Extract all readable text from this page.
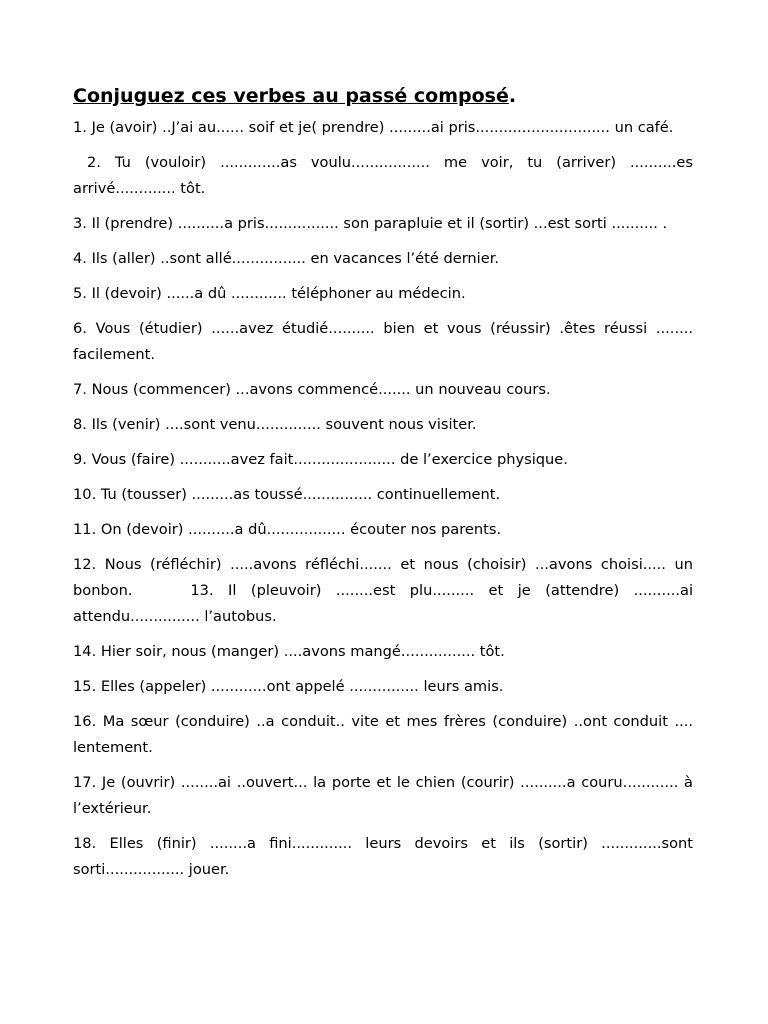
Conjuguez ces verbes au passé composé.

1. Je (avoir) ..J’ai au...... soif et je( prendre) .........ai pris............................. un café.

2. Tu (vouloir) .............as voulu................. me voir, tu (arriver) ..........es arrivé............. tôt.

3. Il (prendre) ..........a pris................ son parapluie et il (sortir) ...est sorti .......... .

4. Ils (aller) ..sont allé................ en vacances l’été dernier.

5. Il (devoir) ......a dû ............ téléphoner au médecin.

6. Vous (étudier) ......avez étudié.......... bien et vous (réussir) .êtes réussi ........ facilement.

7. Nous (commencer) ...avons commencé....... un nouveau cours.

8. Ils (venir) ....sont venu.............. souvent nous visiter.

9. Vous (faire) ...........avez fait...................... de l’exercice physique.

10. Tu (tousser) .........as toussé............... continuellement.

11. On (devoir) ..........a dû................. écouter nos parents.

12. Nous (réfléchir) .....avons réfléchi....... et nous (choisir) ...avons choisi..... un bonbon.    13. Il (pleuvoir) ........est plu......... et je (attendre) ..........ai attendu............... l’autobus.

14. Hier soir, nous (manger) ....avons mangé................ tôt.

15. Elles (appeler) ............ont appelé ............... leurs amis.

16. Ma sœur (conduire) ..a conduit.. vite et mes frères (conduire) ..ont conduit .... lentement.

17. Je (ouvrir) ........ai ..ouvert... la porte et le chien (courir) ..........a couru............ à l’extérieur.

18. Elles (finir) ........a fini............. leurs devoirs et ils (sortir) .............sont sorti................. jouer.
